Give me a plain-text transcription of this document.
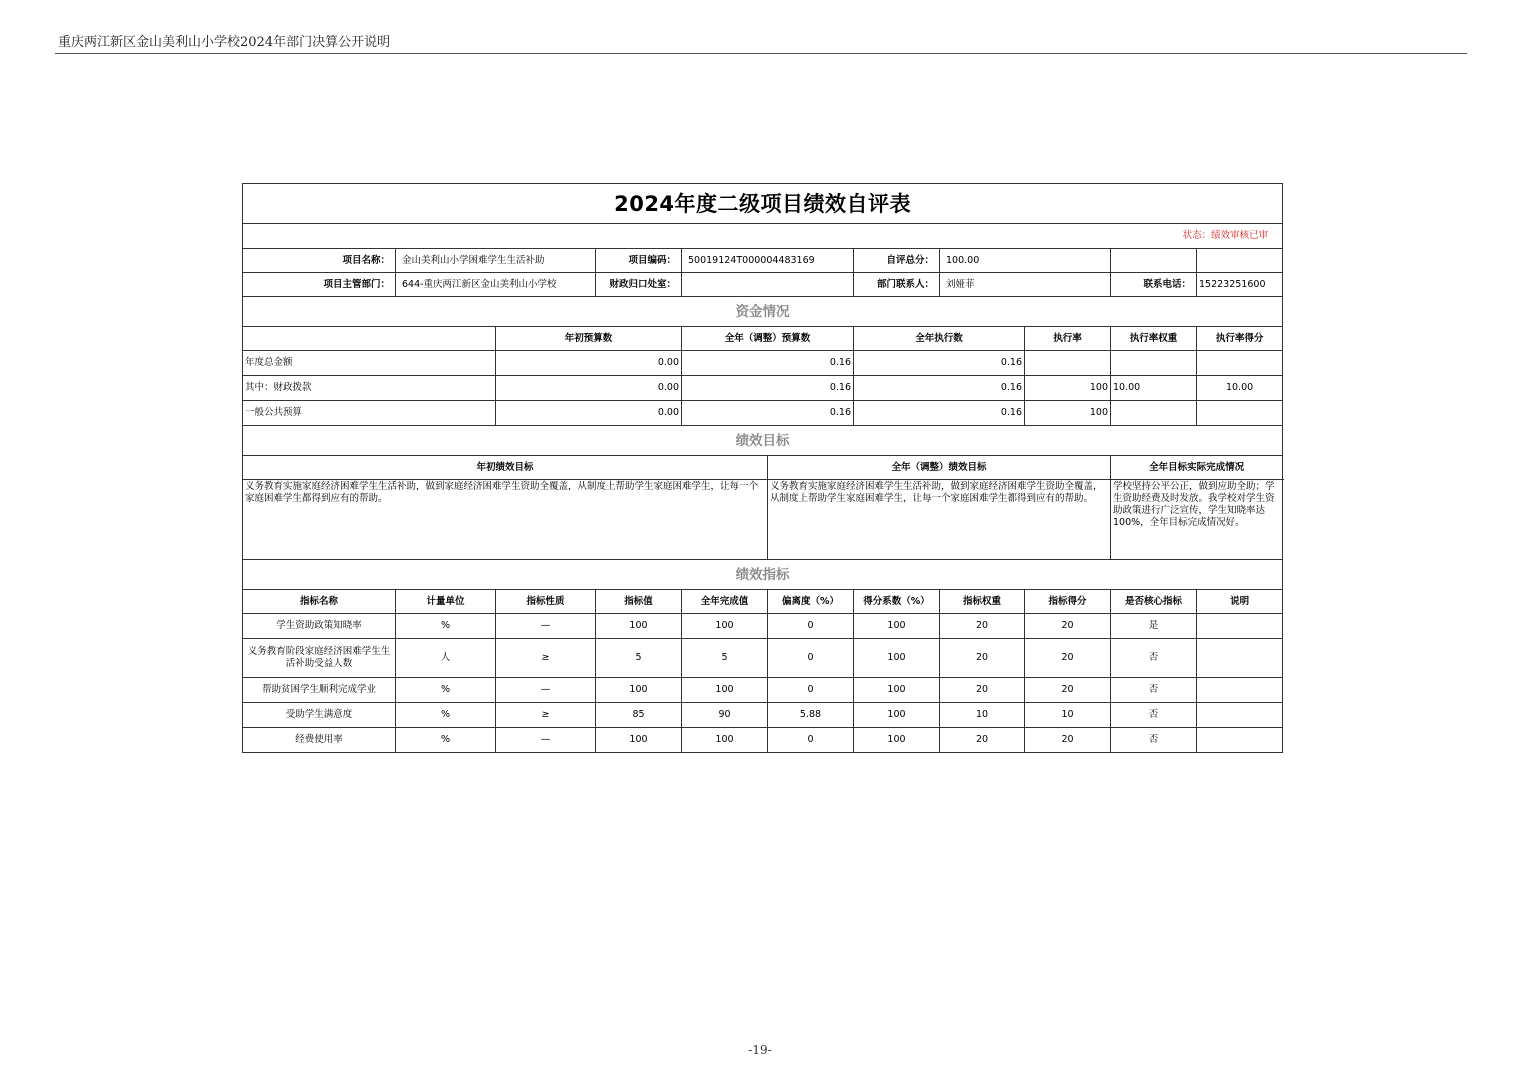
重庆两江新区金山美利山小学校2024年部门决算公开说明
2024年度二级项目绩效自评表										
状态：绩效审核已审										
项目名称：	金山美利山小学困难学生生活补助		项目编码：	50019124T000004483169		自评总分：	100.00			
项目主管部门：	644-重庆两江新区金山美利山小学校		财政归口处室：			部门联系人：	刘娅菲		联系电话：	15223251600
资金情况										
		年初预算数		全年（调整）预算数		全年执行数		执行率	执行率权重	执行率得分
年度总金额		0.00		0.16		0.16				
其中：财政拨款		0.00		0.16		0.16		100	10.00	10.00
一般公共预算		0.00		0.16		0.16		100		
绩效目标										
年初绩效目标					全年（调整）绩效目标				全年目标实际完成情况	
义务教育实施家庭经济困难学生生活补助，做到家庭经济困难学生资助全覆盖，从制度上帮助学生家庭困难学生，让每一个家庭困难学生都得到应有的帮助。					义务教育实施家庭经济困难学生生活补助，做到家庭经济困难学生资助全覆盖，从制度上帮助学生家庭困难学生，让每一个家庭困难学生都得到应有的帮助。				学校坚持公平公正，做到应助全助；学生资助经费及时发放。我学校对学生资助政策进行广泛宣传，学生知晓率达100%，全年目标完成情况好。	
绩效指标										
指标名称	计量单位	指标性质	指标值	全年完成值	偏离度（%）	得分系数（%）	指标权重	指标得分	是否核心指标	说明
学生资助政策知晓率	%	—	100	100	0	100	20	20	是	
义务教育阶段家庭经济困难学生生活补助受益人数	人	≥	5	5	0	100	20	20	否	
帮助贫困学生顺利完成学业	%	—	100	100	0	100	20	20	否	
受助学生满意度	%	≥	85	90	5.88	100	10	10	否	
经费使用率	%	—	100	100	0	100	20	20	否	
-19-
